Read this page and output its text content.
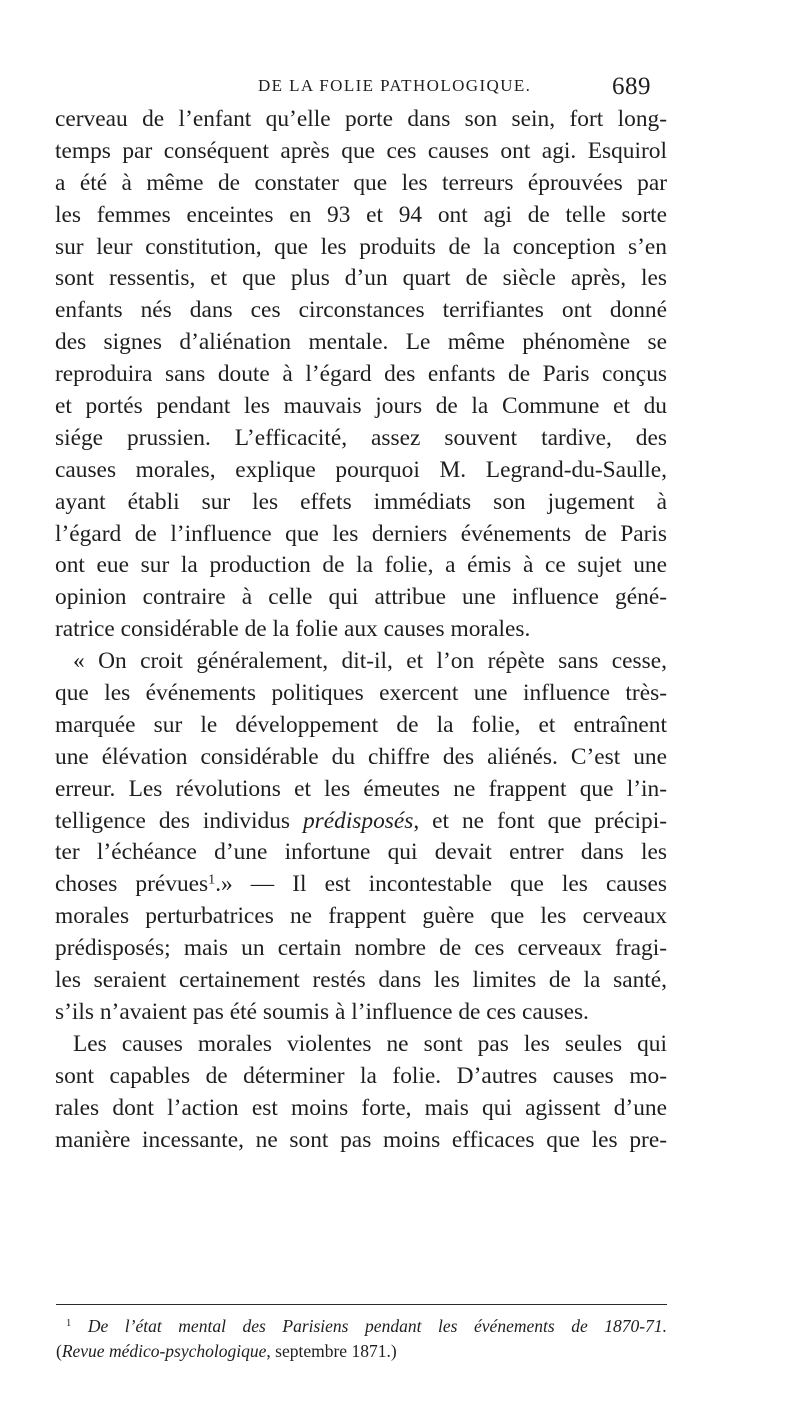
DE LA FOLIE PATHOLOGIQUE.	689
cerveau de l’enfant qu’elle porte dans son sein, fort long-
temps par conséquent après que ces causes ont agi. Esquirol
a été à même de constater que les terreurs éprouvées par
les femmes enceintes en 93 et 94 ont agi de telle sorte
sur leur constitution, que les produits de la conception s’en
sont ressentis, et que plus d’un quart de siècle après, les
enfants nés dans ces circonstances terrifiantes ont donné
des signes d’aliénation mentale. Le même phénomène se
reproduira sans doute à l’égard des enfants de Paris conçus
et portés pendant les mauvais jours de la Commune et du
siége prussien. L’efficacité, assez souvent tardive, des
causes morales, explique pourquoi M. Legrand-du-Saulle,
ayant établi sur les effets immédiats son jugement à
l’égard de l’influence que les derniers événements de Paris
ont eue sur la production de la folie, a émis à ce sujet une
opinion contraire à celle qui attribue une influence géné-
ratrice considérable de la folie aux causes morales.
« On croit généralement, dit-il, et l’on répète sans cesse,
que les événements politiques exercent une influence très-
marquée sur le développement de la folie, et entraînent
une élévation considérable du chiffre des aliénés. C’est une
erreur. Les révolutions et les émeutes ne frappent que l’in-
telligence des individus prédisposés, et ne font que précipi-
ter l’échéance d’une infortune qui devait entrer dans les
choses prévues$^1$.» — Il est incontestable que les causes
morales perturbatrices ne frappent guère que les cerveaux
prédisposés; mais un certain nombre de ces cerveaux fragi-
les seraient certainement restés dans les limites de la santé,
s’ils n’avaient pas été soumis à l’influence de ces causes.
Les causes morales violentes ne sont pas les seules qui
sont capables de déterminer la folie. D’autres causes mo-
rales dont l’action est moins forte, mais qui agissent d’une
manière incessante, ne sont pas moins efficaces que les pre-
$^1$ De l’état mental des Parisiens pendant les événements de 1870-71.
(Revue médico-psychologique, septembre 1871.)
